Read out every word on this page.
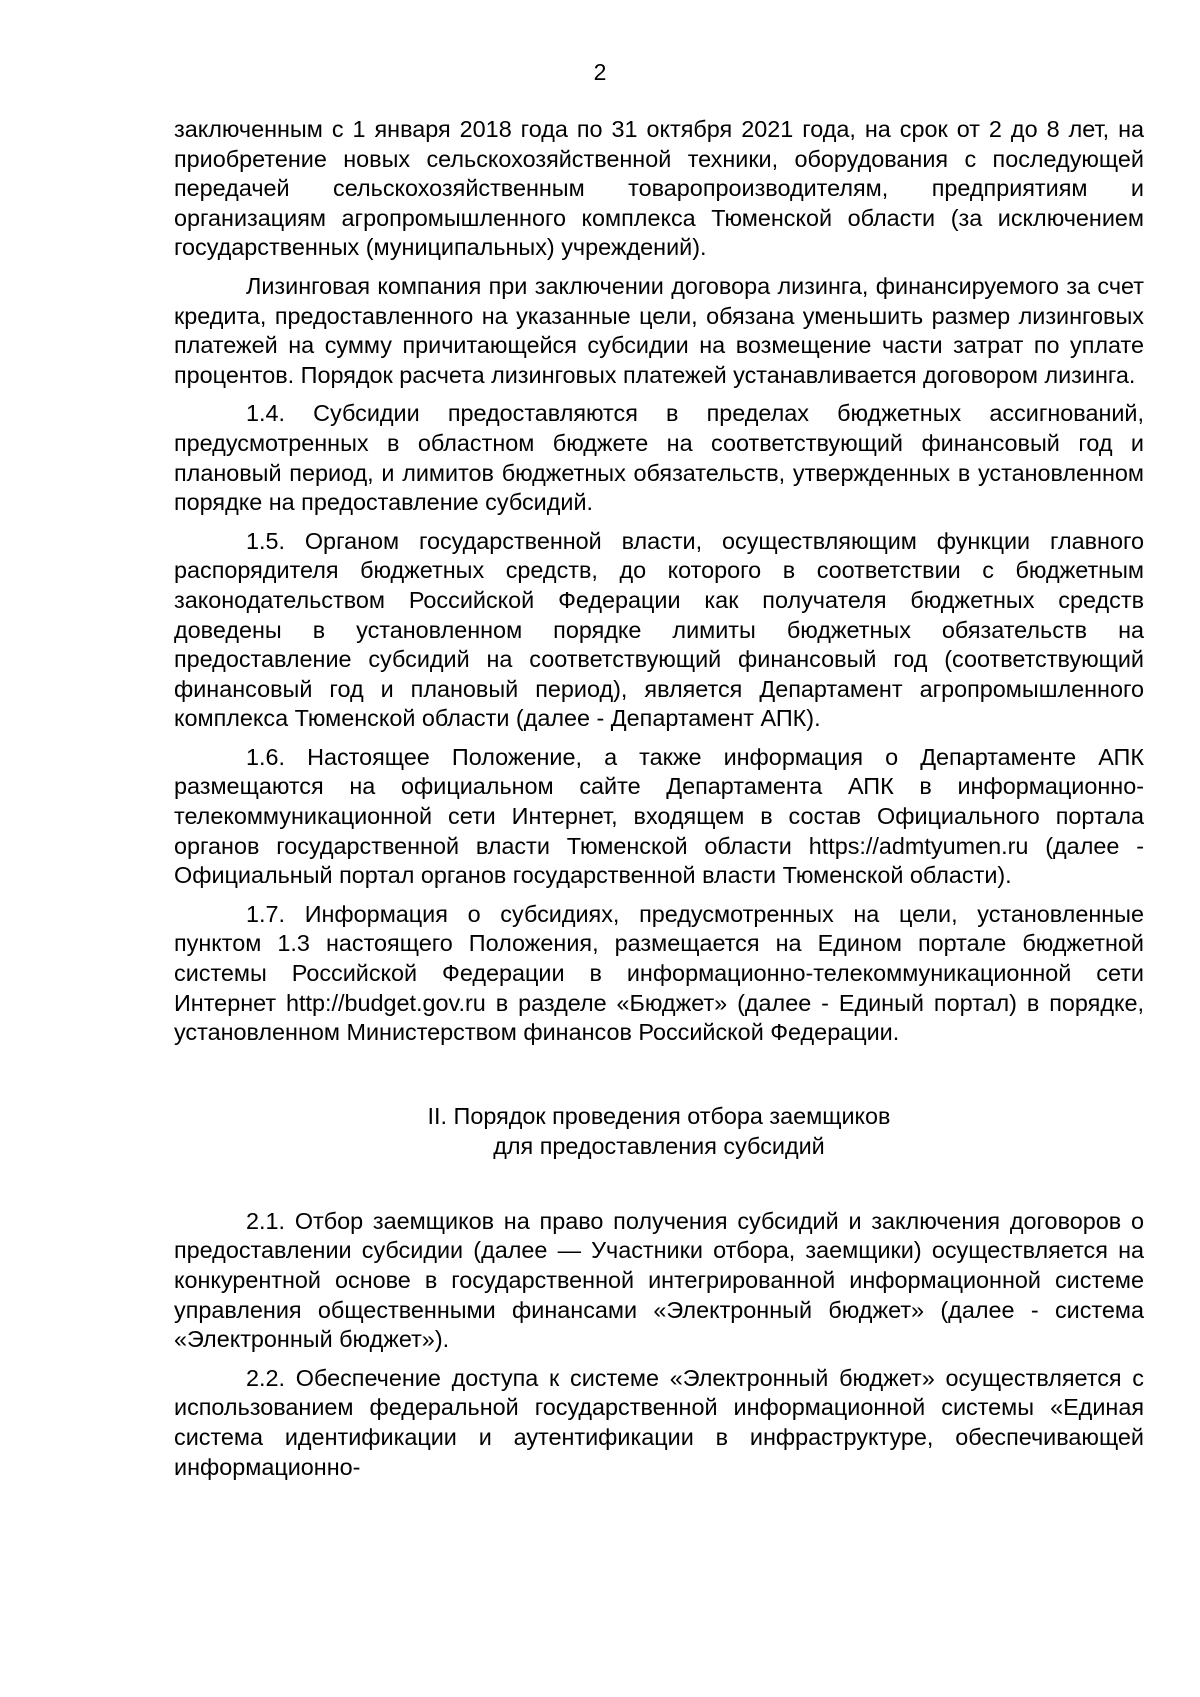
2

заключенным с 1 января 2018 года по 31 октября 2021 года, на срок от 2 до 8 лет, на приобретение новых сельскохозяйственной техники, оборудования с последующей передачей сельскохозяйственным товаропроизводителям, предприятиям и организациям агропромышленного комплекса Тюменской области (за исключением государственных (муниципальных) учреждений).

Лизинговая компания при заключении договора лизинга, финансируемого за счет кредита, предоставленного на указанные цели, обязана уменьшить размер лизинговых платежей на сумму причитающейся субсидии на возмещение части затрат по уплате процентов. Порядок расчета лизинговых платежей устанавливается договором лизинга.

1.4. Субсидии предоставляются в пределах бюджетных ассигнований, предусмотренных в областном бюджете на соответствующий финансовый год и плановый период, и лимитов бюджетных обязательств, утвержденных в установленном порядке на предоставление субсидий.

1.5. Органом государственной власти, осуществляющим функции главного распорядителя бюджетных средств, до которого в соответствии с бюджетным законодательством Российской Федерации как получателя бюджетных средств доведены в установленном порядке лимиты бюджетных обязательств на предоставление субсидий на соответствующий финансовый год (соответствующий финансовый год и плановый период), является Департамент агропромышленного комплекса Тюменской области (далее - Департамент АПК).

1.6. Настоящее Положение, а также информация о Департаменте АПК размещаются на официальном сайте Департамента АПК в информационно-телекоммуникационной сети Интернет, входящем в состав Официального портала органов государственной власти Тюменской области https://admtyumen.ru (далее - Официальный портал органов государственной власти Тюменской области).

1.7. Информация о субсидиях, предусмотренных на цели, установленные пунктом 1.3 настоящего Положения, размещается на Едином портале бюджетной системы Российской Федерации в информационно-телекоммуникационной сети Интернет http://budget.gov.ru в разделе «Бюджет» (далее - Единый портал) в порядке, установленном Министерством финансов Российской Федерации.

II. Порядок проведения отбора заемщиков
для предоставления субсидий

2.1. Отбор заемщиков на право получения субсидий и заключения договоров о предоставлении субсидии (далее — Участники отбора, заемщики) осуществляется на конкурентной основе в государственной интегрированной информационной системе управления общественными финансами «Электронный бюджет» (далее - система «Электронный бюджет»).

2.2. Обеспечение доступа к системе «Электронный бюджет» осуществляется с использованием федеральной государственной информационной системы «Единая система идентификации и аутентификации в инфраструктуре, обеспечивающей информационно-
